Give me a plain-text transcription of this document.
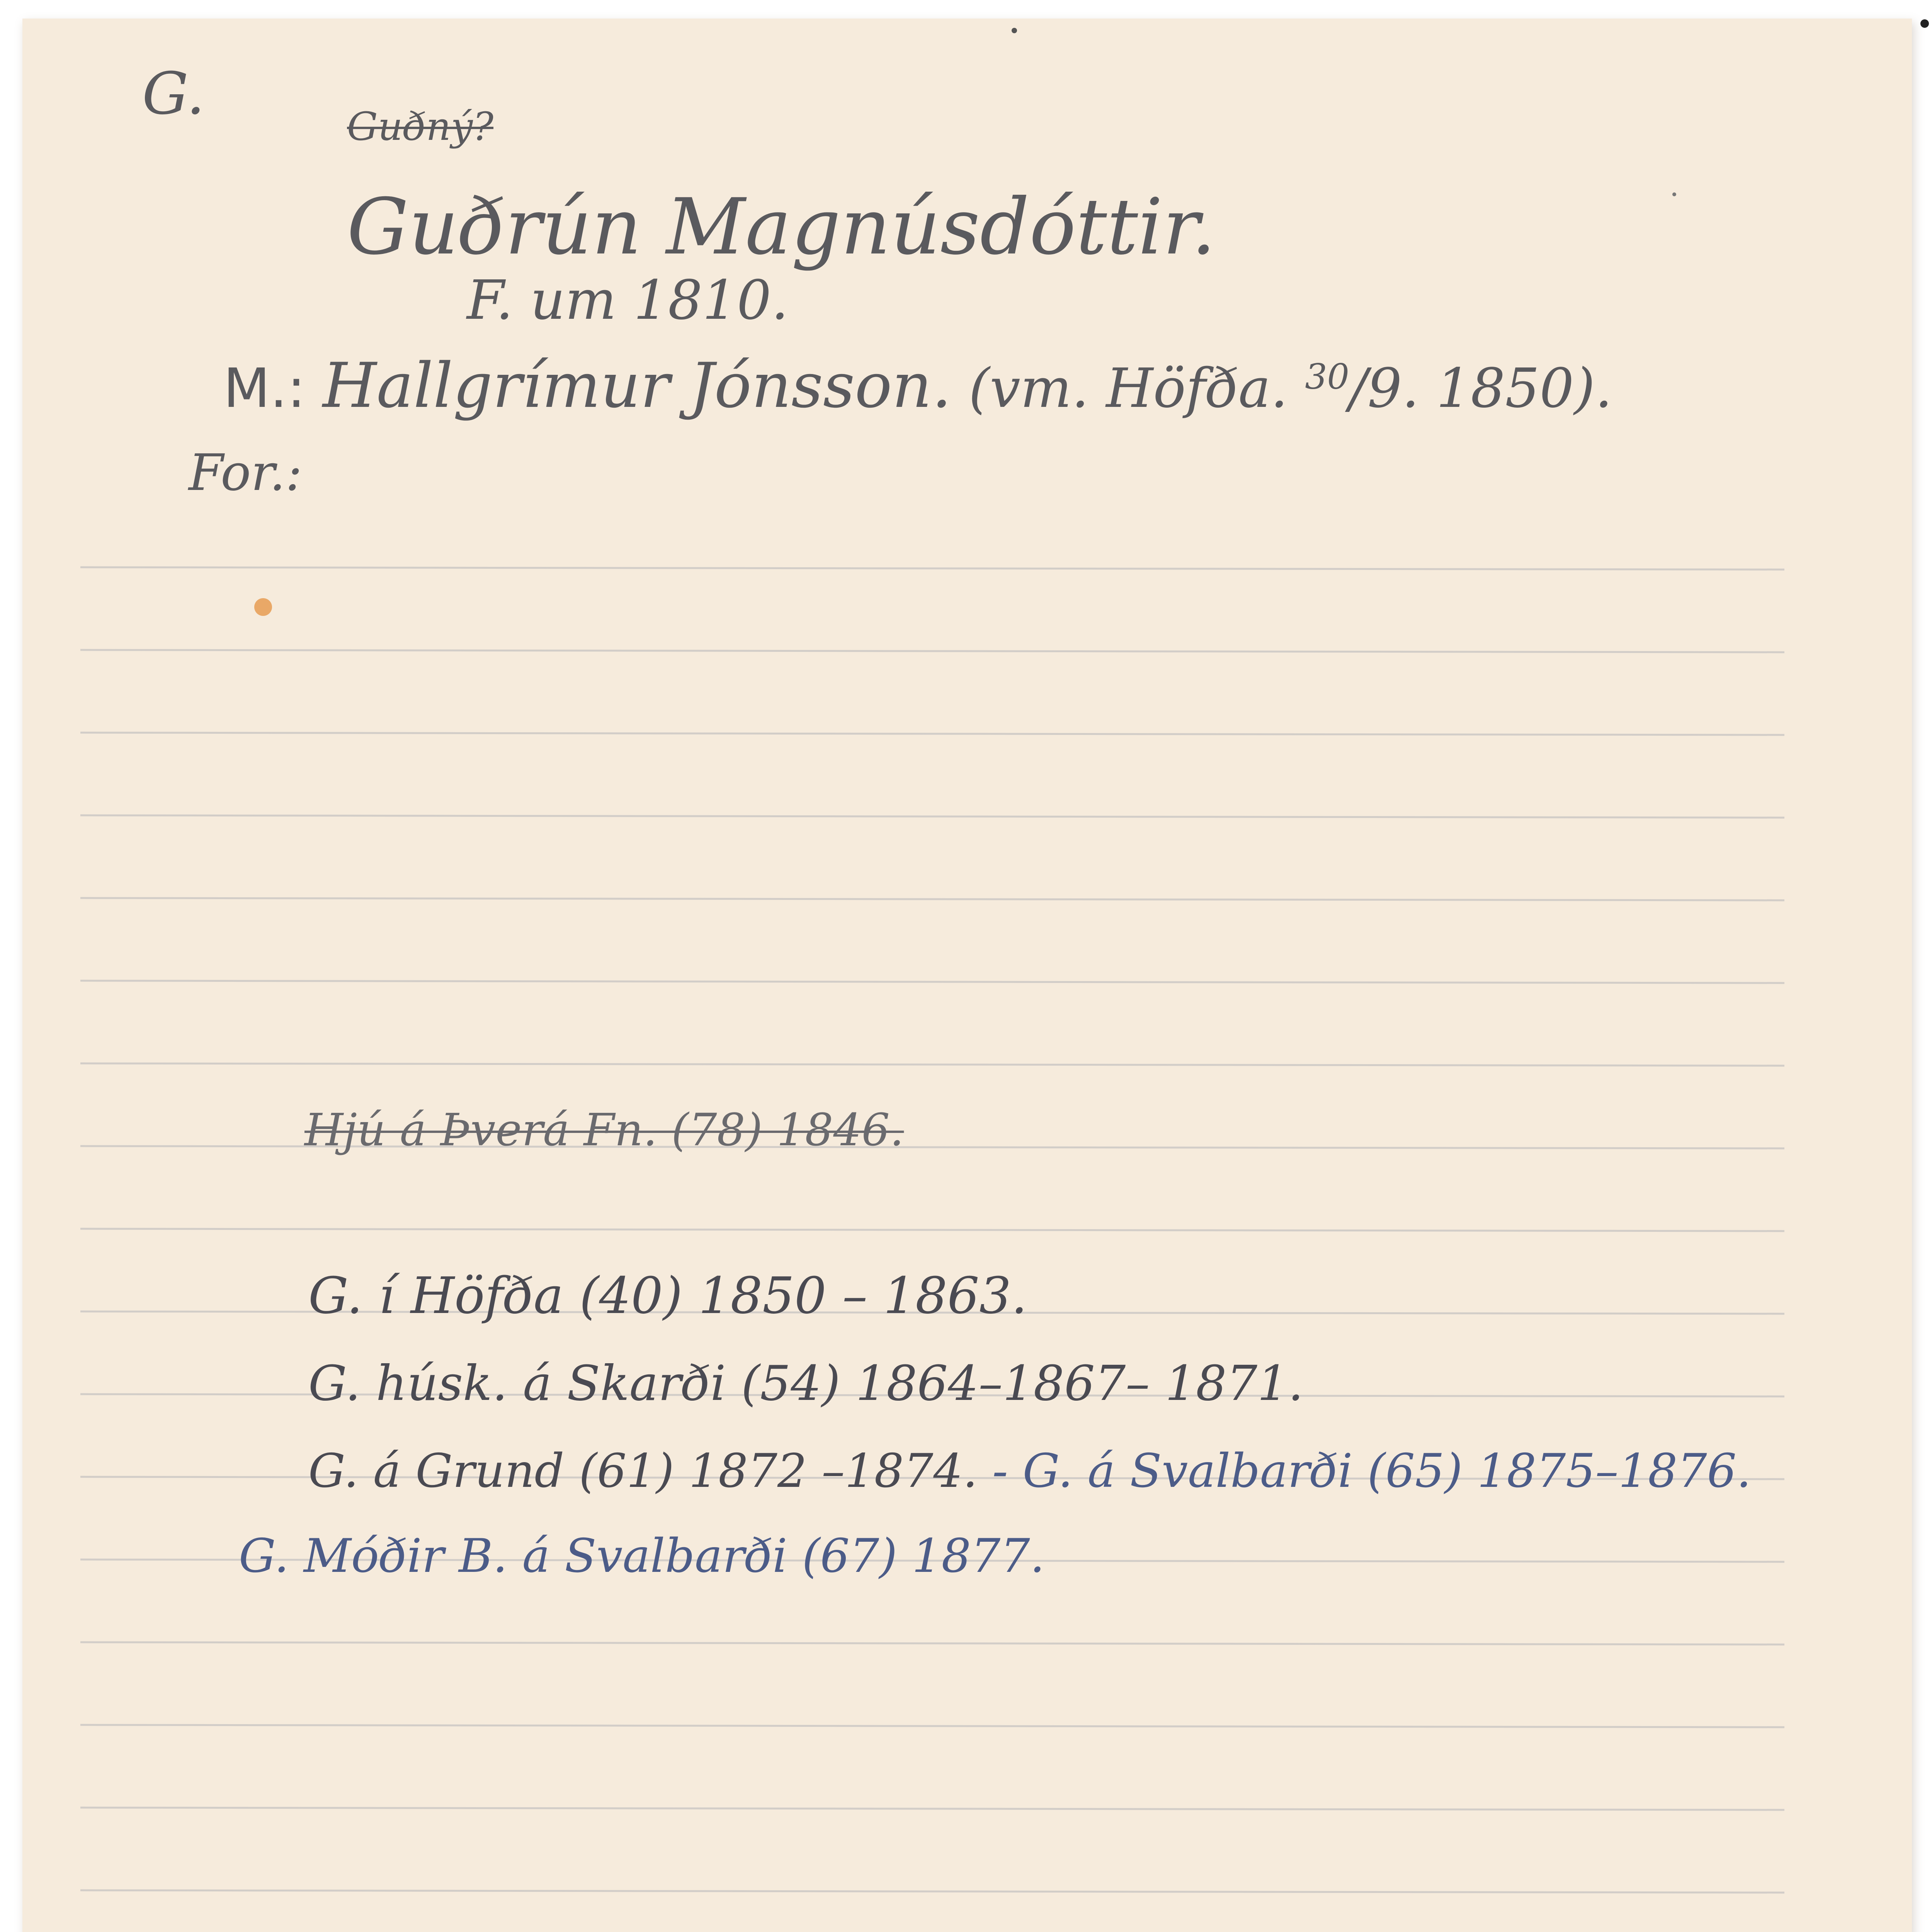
G.	Guðný?
Guðrún Magnúsdóttir.
F. um 1810.
M.: Hallgrímur Jónsson. (vm. Höfða. $^{30}$/9. 1850).
For.:
Hjú á Þverá Fn. (78) 1846.
G. í Höfða (40) 1850 – 1863.
G. húsk. á Skarði (54) 1864–1867– 1871.
G. á Grund (61) 1872 –1874. - G. á Svalbarði (65) 1875–1876.
G. Móðir B. á Svalbarði (67) 1877.
